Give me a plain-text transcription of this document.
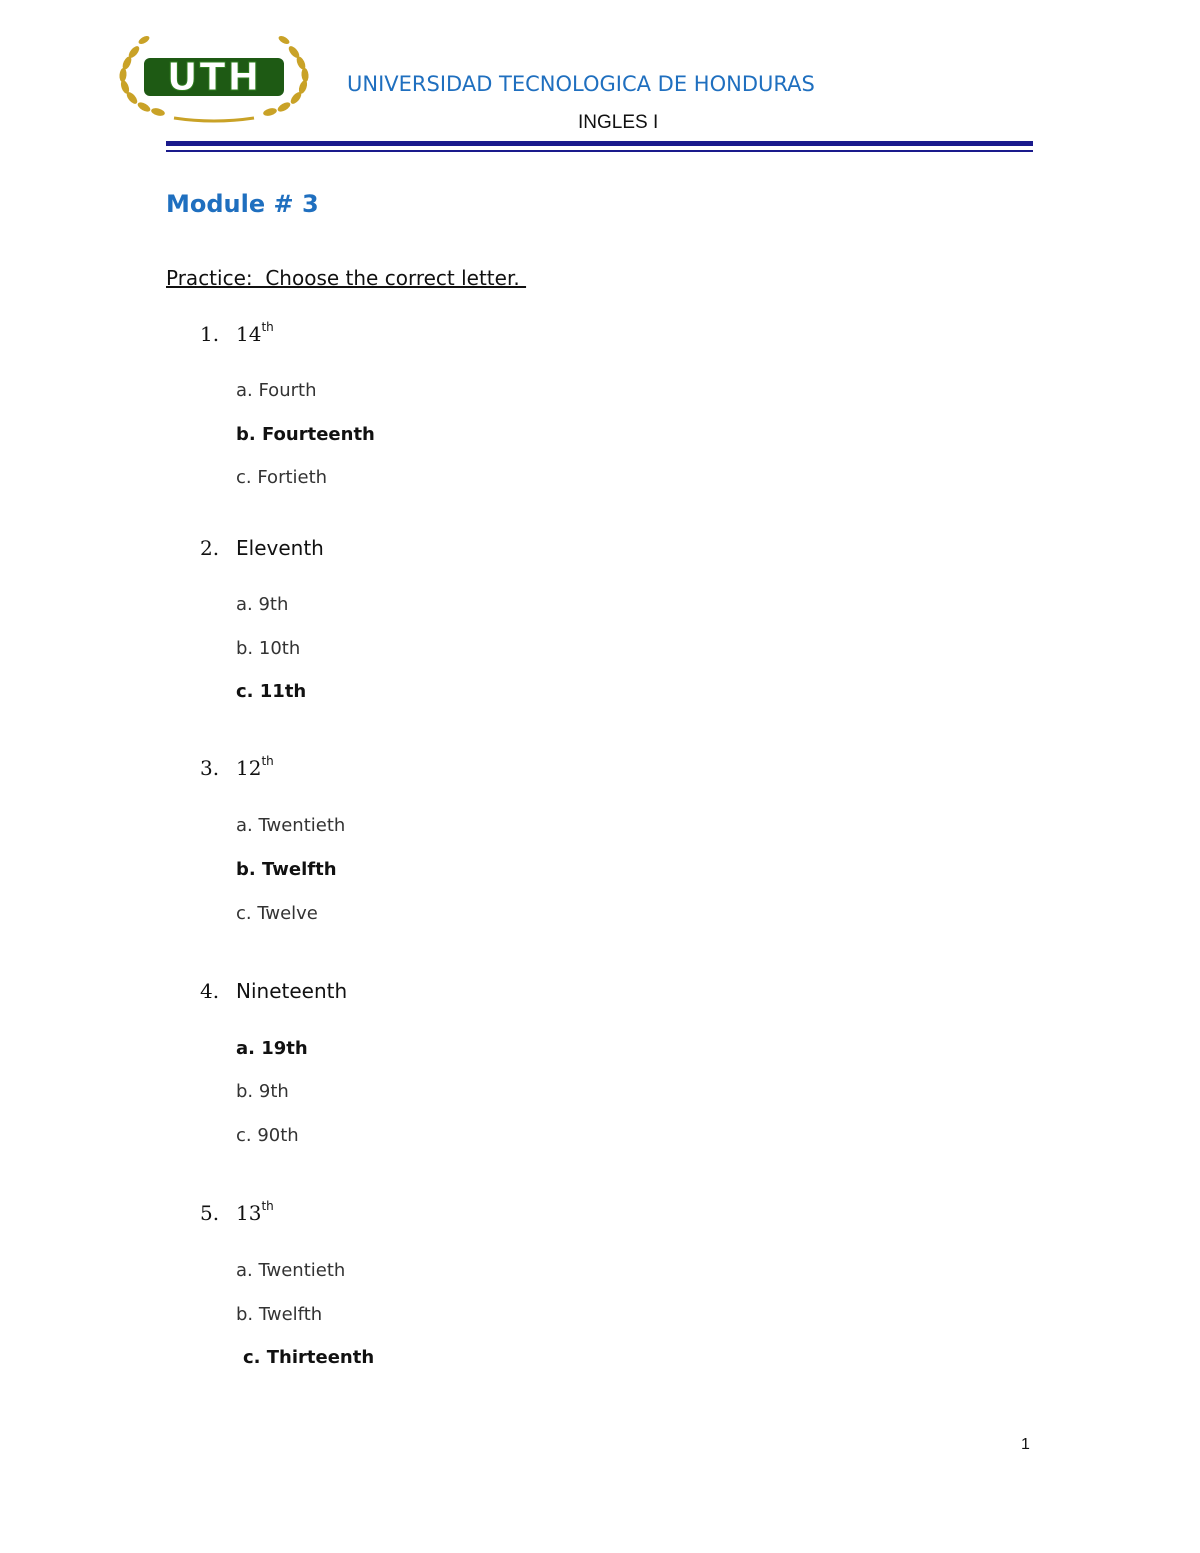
UTH	UNIVERSIDAD TECNOLOGICA DE HONDURAS
INGLES I
Module # 3
Practice:  Choose the correct letter.
1. 14th
a. Fourth
b. Fourteenth
c. Fortieth
2. Eleventh
a. 9th
b. 10th
c. 11th
3. 12th
a. Twentieth
b. Twelfth
c. Twelve
4. Nineteenth
a. 19th
b. 9th
c. 90th
5. 13th
a. Twentieth
b. Twelfth
c. Thirteenth
1
